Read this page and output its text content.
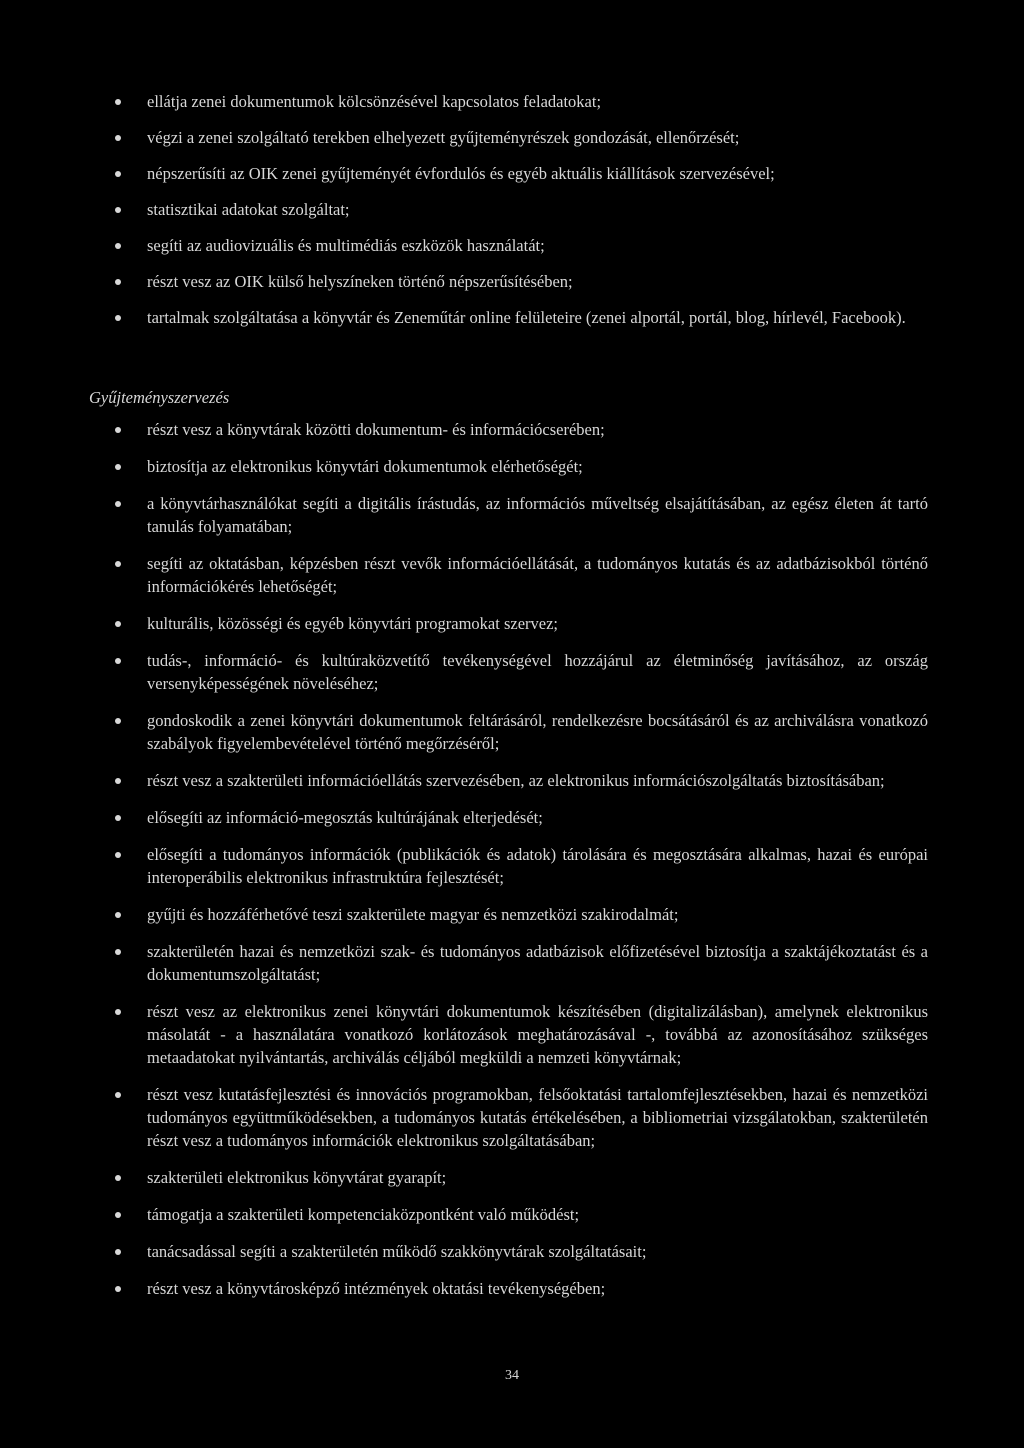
ellátja zenei dokumentumok kölcsönzésével kapcsolatos feladatokat;
végzi a zenei szolgáltató terekben elhelyezett gyűjteményrészek gondozását, ellenőrzését;
népszerűsíti az OIK zenei gyűjteményét évfordulós és egyéb aktuális kiállítások szervezésével;
statisztikai adatokat szolgáltat;
segíti az audiovizuális és multimédiás eszközök használatát;
részt vesz az OIK külső helyszíneken történő népszerűsítésében;
tartalmak szolgáltatása a könyvtár és Zeneműtár online felületeire (zenei alportál, portál, blog, hírlevél, Facebook).
Gyűjteményszervezés
részt vesz a könyvtárak közötti dokumentum- és információcserében;
biztosítja az elektronikus könyvtári dokumentumok elérhetőségét;
a könyvtárhasználókat segíti a digitális írástudás, az információs műveltség elsajátításában, az egész életen át tartó tanulás folyamatában;
segíti az oktatásban, képzésben részt vevők információellátását, a tudományos kutatás és az adatbázisokból történő információkérés lehetőségét;
kulturális, közösségi és egyéb könyvtári programokat szervez;
tudás-, információ- és kultúraközvetítő tevékenységével hozzájárul az életminőség javításához, az ország versenyképességének növeléséhez;
gondoskodik a zenei könyvtári dokumentumok feltárásáról, rendelkezésre bocsátásáról és az archiválásra vonatkozó szabályok figyelembevételével történő megőrzéséről;
részt vesz a szakterületi információellátás szervezésében, az elektronikus információszolgáltatás biztosításában;
elősegíti az információ-megosztás kultúrájának elterjedését;
elősegíti a tudományos információk (publikációk és adatok) tárolására és megosztására alkalmas, hazai és európai interoperábilis elektronikus infrastruktúra fejlesztését;
gyűjti és hozzáférhetővé teszi szakterülete magyar és nemzetközi szakirodalmát;
szakterületén hazai és nemzetközi szak- és tudományos adatbázisok előfizetésével biztosítja a szaktájékoztatást és a dokumentumszolgáltatást;
részt vesz az elektronikus zenei könyvtári dokumentumok készítésében (digitalizálásban), amelynek elektronikus másolatát - a használatára vonatkozó korlátozások meghatározásával -, továbbá az azonosításához szükséges metaadatokat nyilvántartás, archiválás céljából megküldi a nemzeti könyvtárnak;
részt vesz kutatásfejlesztési és innovációs programokban, felsőoktatási tartalomfejlesztésekben, hazai és nemzetközi tudományos együttműködésekben, a tudományos kutatás értékelésében, a bibliometriai vizsgálatokban, szakterületén részt vesz a tudományos információk elektronikus szolgáltatásában;
szakterületi elektronikus könyvtárat gyarapít;
támogatja a szakterületi kompetenciaközpontként való működést;
tanácsadással segíti a szakterületén működő szakkönyvtárak szolgáltatásait;
részt vesz a könyvtárosképző intézmények oktatási tevékenységében;
34
